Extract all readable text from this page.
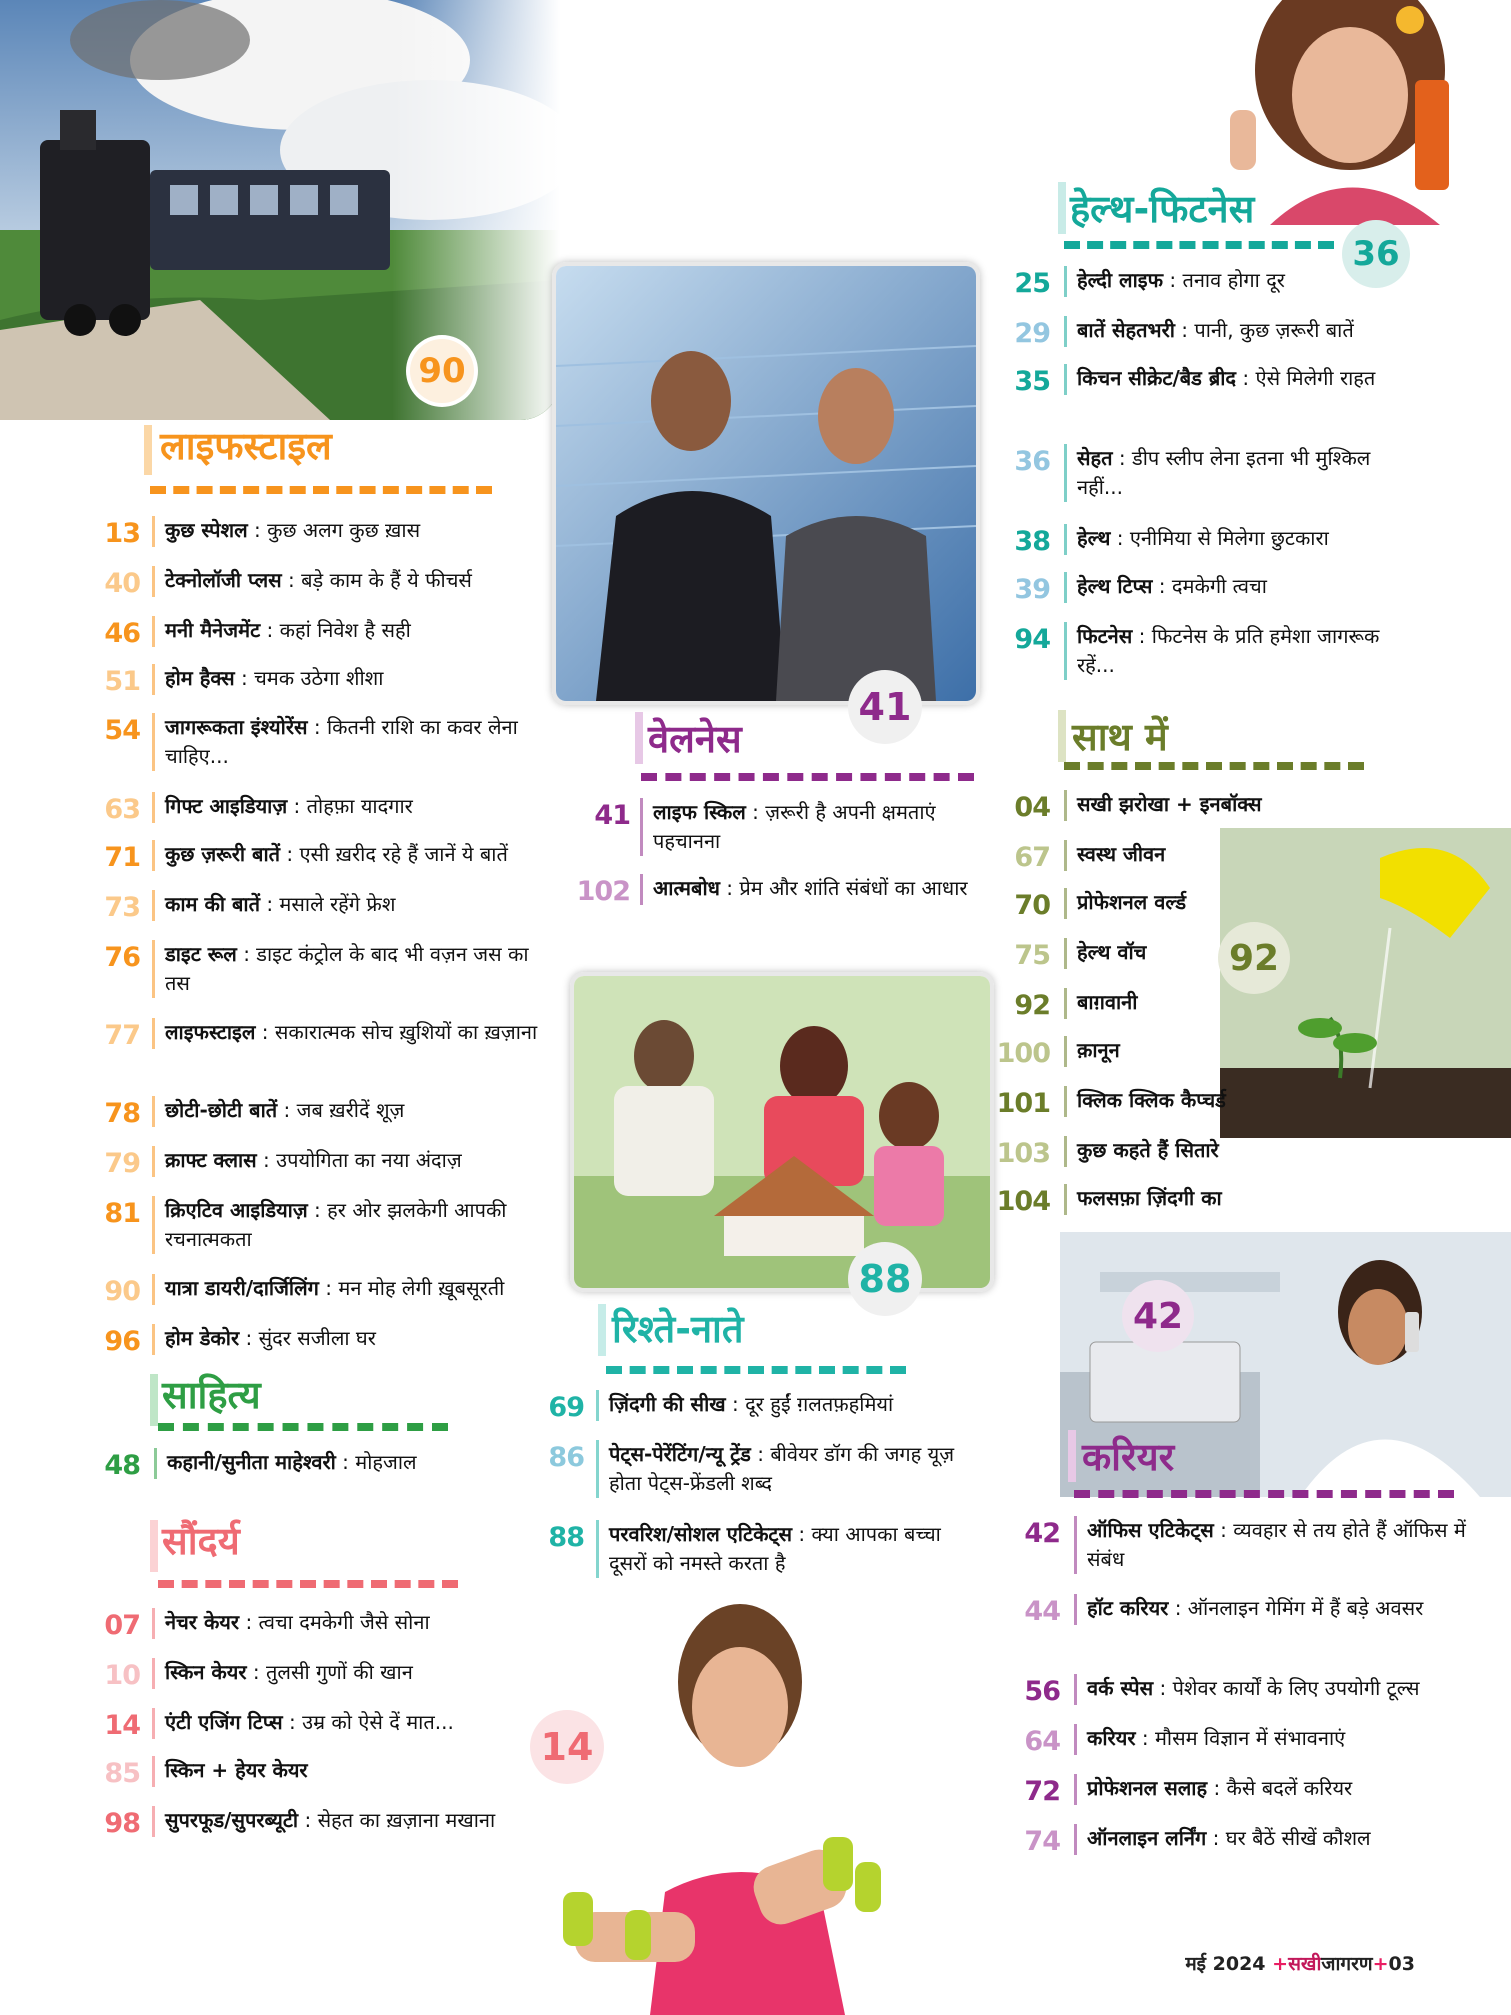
90
36
41
88
92
42
14
लाइफस्टाइल
साहित्य
सौंदर्य
वेलनेस
रिश्ते-नाते
हेल्थ-फिटनेस
साथ में
करियर
13 कुछ स्पेशल : कुछ अलग कुछ ख़ास
40 टेक्नोलॉजी प्लस : बड़े काम के हैं ये फीचर्स
46 मनी मैनेजमेंट : कहां निवेश है सही
51 होम हैक्स : चमक उठेगा शीशा
54 जागरूकता इंश्योरेंस : कितनी राशि का कवर लेना चाहिए...
63 गिफ्ट आइडियाज़ : तोहफ़ा यादगार
71 कुछ ज़रूरी बातें : एसी ख़रीद रहे हैं जानें ये बातें
73 काम की बातें : मसाले रहेंगे फ्रेश
76 डाइट रूल : डाइट कंट्रोल के बाद भी वज़न जस का तस
77 लाइफस्टाइल : सकारात्मक सोच ख़ुशियों का ख़ज़ाना
78 छोटी-छोटी बातें : जब ख़रीदें शूज़
79 क्राफ्ट क्लास : उपयोगिता का नया अंदाज़
81 क्रिएटिव आइडियाज़ : हर ओर झलकेगी आपकी रचनात्मकता
90 यात्रा डायरी/दार्जिलिंग : मन मोह लेगी ख़ूबसूरती
96 होम डेकोर : सुंदर सजीला घर
48 कहानी/सुनीता माहेश्वरी : मोहजाल
07 नेचर केयर : त्वचा दमकेगी जैसे सोना
10 स्किन केयर : तुलसी गुणों की खान
14 एंटी एजिंग टिप्स : उम्र को ऐसे दें मात...
85 स्किन + हेयर केयर
98 सुपरफूड/सुपरब्यूटी : सेहत का ख़ज़ाना मखाना
41 लाइफ स्किल : ज़रूरी है अपनी क्षमताएं पहचानना
102 आत्मबोध : प्रेम और शांति संबंधों का आधार
69 ज़िंदगी की सीख : दूर हुईं ग़लतफ़हमियां
86 पेट्स-पेरेंटिंग/न्यू ट्रेंड : बीवेयर डॉग की जगह यूज़ होता पेट्स-फ्रेंडली शब्द
88 परवरिश/सोशल एटिकेट्स : क्या आपका बच्चा दूसरों को नमस्ते करता है
25 हेल्दी लाइफ : तनाव होगा दूर
29 बातें सेहतभरी : पानी, कुछ ज़रूरी बातें
35 किचन सीक्रेट/बैड ब्रीद : ऐसे मिलेगी राहत
36 सेहत : डीप स्लीप लेना इतना भी मुश्किल नहीं...
38 हेल्थ : एनीमिया से मिलेगा छुटकारा
39 हेल्थ टिप्स : दमकेगी त्वचा
94 फिटनेस : फिटनेस के प्रति हमेशा जागरूक रहें...
04 सखी झरोखा + इनबॉक्स
67 स्वस्थ जीवन
70 प्रोफेशनल वर्ल्ड
75 हेल्थ वॉच
92 बाग़वानी
100 क़ानून
101 क्लिक क्लिक कैप्चर्ड
103 कुछ कहते हैं सितारे
104 फलसफ़ा ज़िंदगी का
42 ऑफिस एटिकेट्स : व्यवहार से तय होते हैं ऑफिस में संबंध
44 हॉट करियर : ऑनलाइन गेमिंग में हैं बड़े अवसर
56 वर्क स्पेस : पेशेवर कार्यों के लिए उपयोगी टूल्स
64 करियर : मौसम विज्ञान में संभावनाएं
72 प्रोफेशनल सलाह : कैसे बदलें करियर
74 ऑनलाइन लर्निंग : घर बैठें सीखें कौशल
मई 2024 +सखीजागरण+03
